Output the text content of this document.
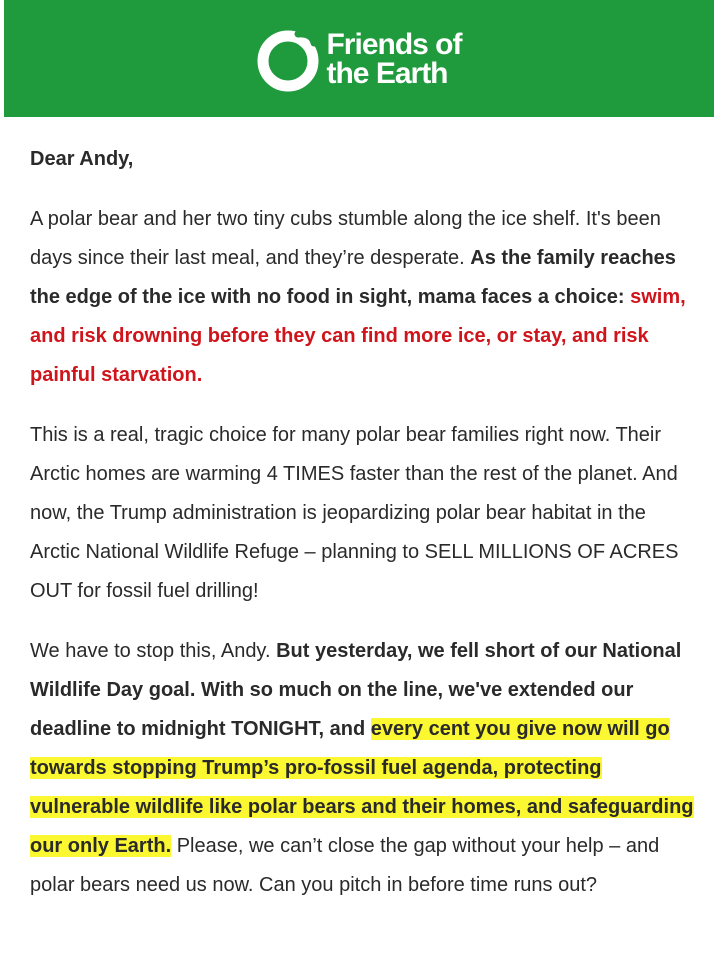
Friends of
the Earth

Dear Andy,

A polar bear and her two tiny cubs stumble along the ice shelf. It's been days since their last meal, and they’re desperate. As the family reaches the edge of the ice with no food in sight, mama faces a choice: swim, and risk drowning before they can find more ice, or stay, and risk painful starvation.

This is a real, tragic choice for many polar bear families right now. Their Arctic homes are warming 4 TIMES faster than the rest of the planet. And now, the Trump administration is jeopardizing polar bear habitat in the Arctic National Wildlife Refuge – planning to SELL MILLIONS OF ACRES OUT for fossil fuel drilling!

We have to stop this, Andy. But yesterday, we fell short of our National Wildlife Day goal. With so much on the line, we've extended our deadline to midnight TONIGHT, and every cent you give now will go towards stopping Trump’s pro-fossil fuel agenda, protecting vulnerable wildlife like polar bears and their homes, and safeguarding our only Earth. Please, we can’t close the gap without your help – and polar bears need us now. Can you pitch in before time runs out?
